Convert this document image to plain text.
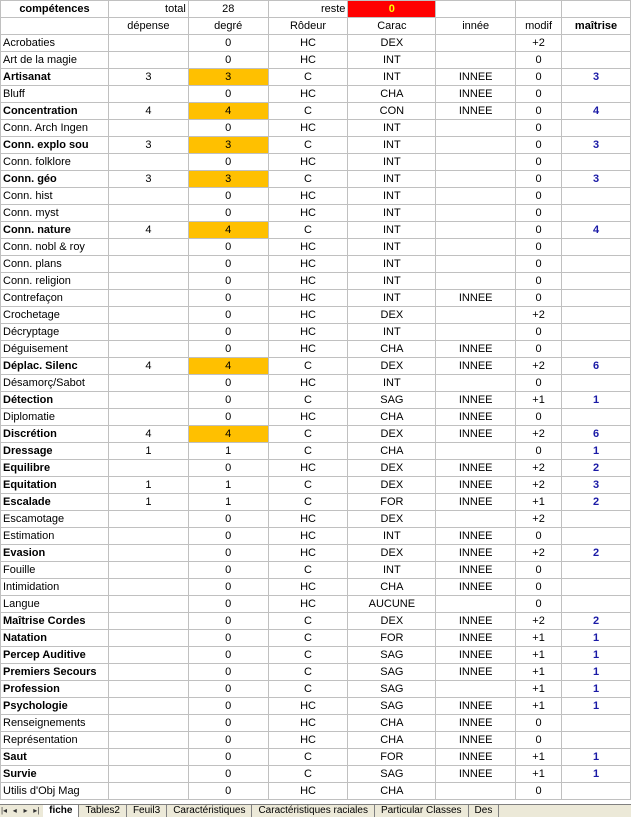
compétences	total	28	reste	0			
	dépense	degré	Rôdeur	Carac	innée	modif	maîtrise
Acrobaties		0	HC	DEX		+2	
Art de la magie		0	HC	INT		0	
Artisanat	3	3	C	INT	INNEE	0	3
Bluff		0	HC	CHA	INNEE	0	
Concentration	4	4	C	CON	INNEE	0	4
Conn. Arch Ingen		0	HC	INT		0	
Conn. explo sou	3	3	C	INT		0	3
Conn. folklore		0	HC	INT		0	
Conn. géo	3	3	C	INT		0	3
Conn. hist		0	HC	INT		0	
Conn. myst		0	HC	INT		0	
Conn. nature	4	4	C	INT		0	4
Conn. nobl & roy		0	HC	INT		0	
Conn. plans		0	HC	INT		0	
Conn. religion		0	HC	INT		0	
Contrefaçon		0	HC	INT	INNEE	0	
Crochetage		0	HC	DEX		+2	
Décryptage		0	HC	INT		0	
Déguisement		0	HC	CHA	INNEE	0	
Déplac. Silenc	4	4	C	DEX	INNEE	+2	6
Désamorç/Sabot		0	HC	INT		0	
Détection		0	C	SAG	INNEE	+1	1
Diplomatie		0	HC	CHA	INNEE	0	
Discrétion	4	4	C	DEX	INNEE	+2	6
Dressage	1	1	C	CHA		0	1
Equilibre		0	HC	DEX	INNEE	+2	2
Equitation	1	1	C	DEX	INNEE	+2	3
Escalade	1	1	C	FOR	INNEE	+1	2
Escamotage		0	HC	DEX		+2	
Estimation		0	HC	INT	INNEE	0	
Evasion		0	HC	DEX	INNEE	+2	2
Fouille		0	C	INT	INNEE	0	
Intimidation		0	HC	CHA	INNEE	0	
Langue		0	HC	AUCUNE		0	
Maîtrise Cordes		0	C	DEX	INNEE	+2	2
Natation		0	C	FOR	INNEE	+1	1
Percep Auditive		0	C	SAG	INNEE	+1	1
Premiers Secours		0	C	SAG	INNEE	+1	1
Profession		0	C	SAG		+1	1
Psychologie		0	HC	SAG	INNEE	+1	1
Renseignements		0	HC	CHA	INNEE	0	
Représentation		0	HC	CHA	INNEE	0	
Saut		0	C	FOR	INNEE	+1	1
Survie		0	C	SAG	INNEE	+1	1
Utilis d'Obj Mag		0	HC	CHA		0	
|◂ ◂ ▸ ▸| fiche Tables2 Feuil3 Caractéristiques Caractéristiques raciales Particular Classes Des
